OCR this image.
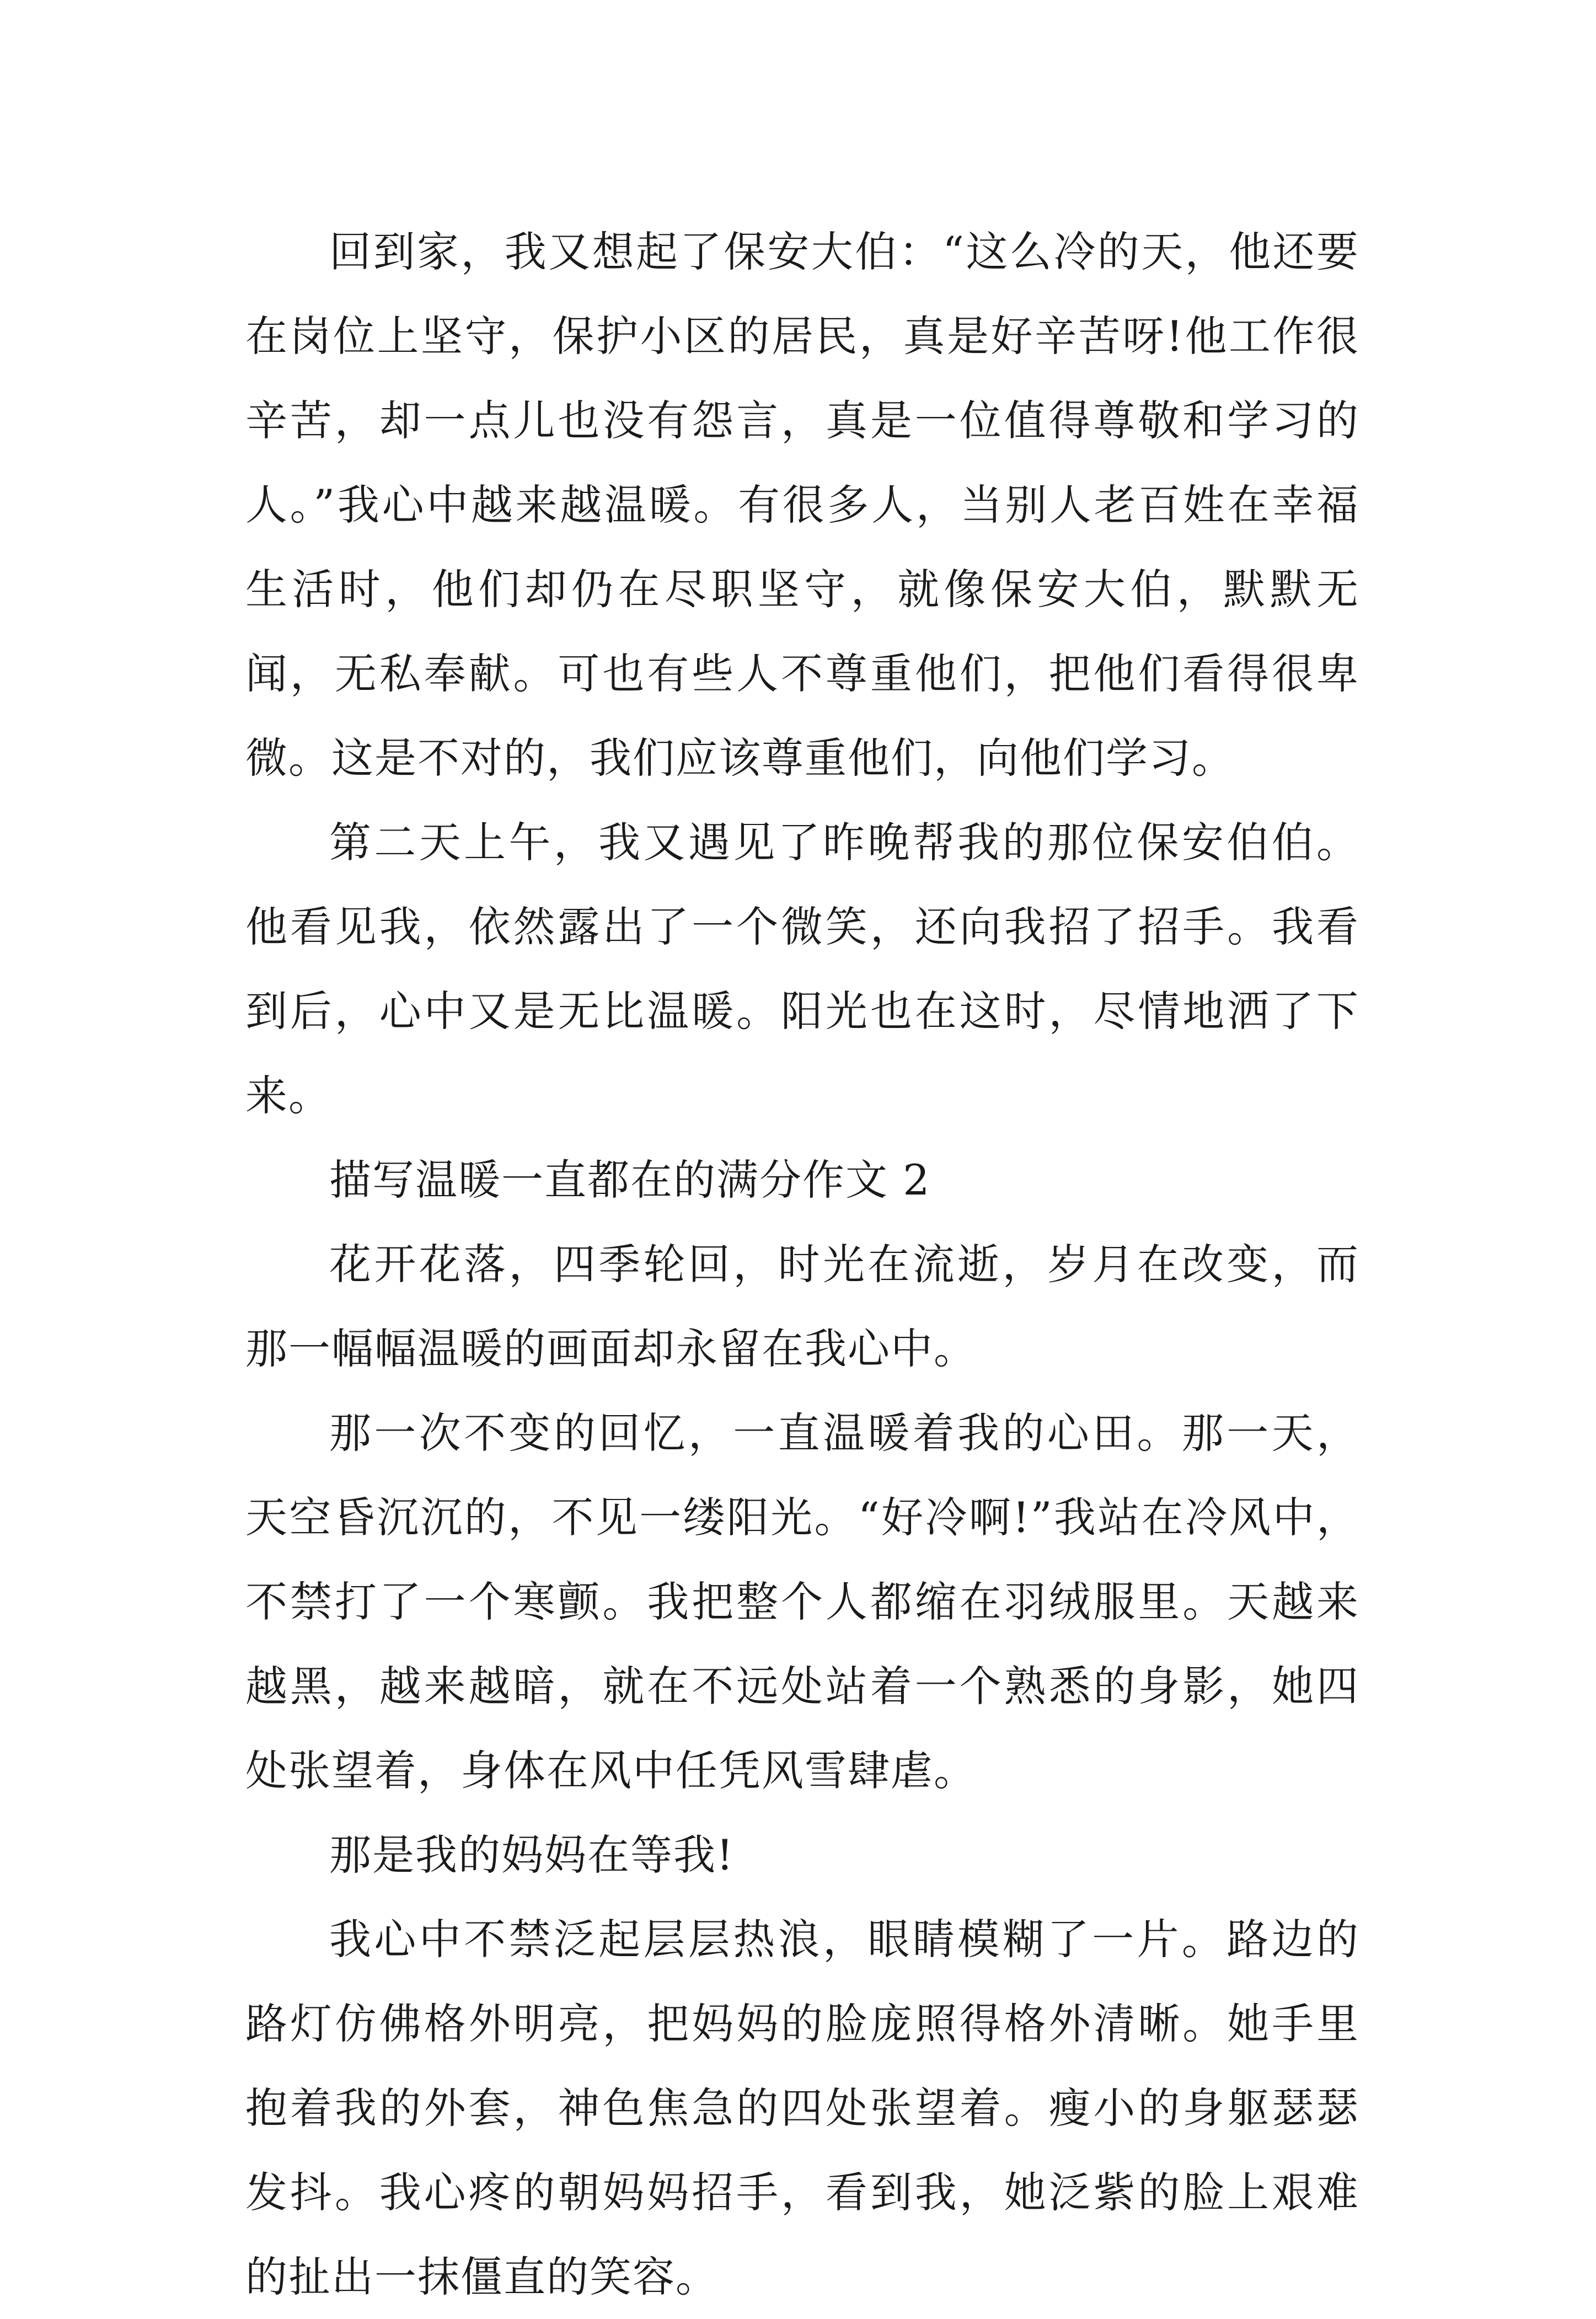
回到家，我又想起了保安大伯：“这么冷的天，他还要在岗位上坚守，保护小区的居民，真是好辛苦呀!他工作很辛苦，却一点儿也没有怨言，真是一位值得尊敬和学习的人。”我心中越来越温暖。有很多人，当别人老百姓在幸福生活时，他们却仍在尽职坚守，就像保安大伯，默默无闻，无私奉献。可也有些人不尊重他们，把他们看得很卑微。这是不对的，我们应该尊重他们，向他们学习。

第二天上午，我又遇见了昨晚帮我的那位保安伯伯。他看见我，依然露出了一个微笑，还向我招了招手。我看到后，心中又是无比温暖。阳光也在这时，尽情地洒了下来。

描写温暖一直都在的满分作文 2

花开花落，四季轮回，时光在流逝，岁月在改变，而那一幅幅温暖的画面却永留在我心中。

那一次不变的回忆，一直温暖着我的心田。那一天，天空昏沉沉的，不见一缕阳光。“好冷啊!”我站在冷风中，不禁打了一个寒颤。我把整个人都缩在羽绒服里。天越来越黑，越来越暗，就在不远处站着一个熟悉的身影，她四处张望着，身体在风中任凭风雪肆虐。

那是我的妈妈在等我!

我心中不禁泛起层层热浪，眼睛模糊了一片。路边的路灯仿佛格外明亮，把妈妈的脸庞照得格外清晰。她手里抱着我的外套，神色焦急的四处张望着。瘦小的身躯瑟瑟发抖。我心疼的朝妈妈招手，看到我，她泛紫的脸上艰难的扯出一抹僵直的笑容。
